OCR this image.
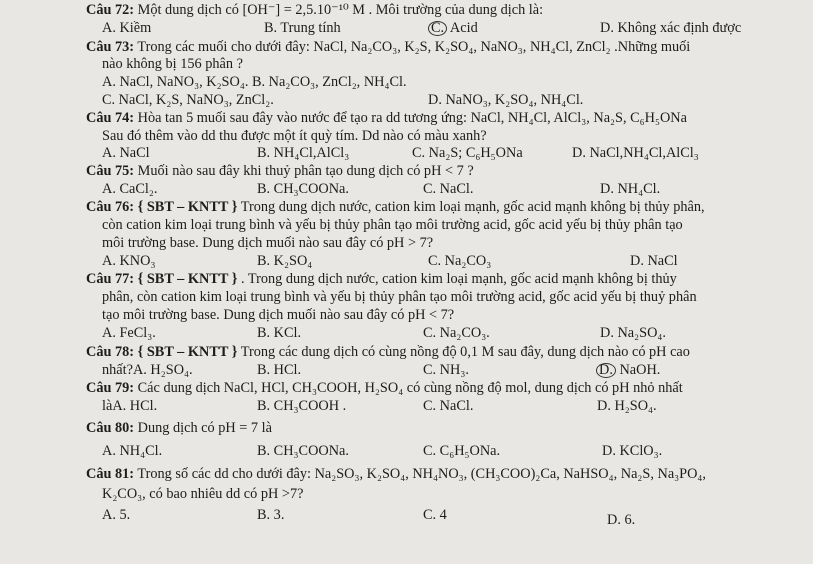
Câu 72: Một dung dịch có [OH⁻] = 2,5.10⁻¹⁰ M . Môi trường của dung dịch là:
A. Kiềm	B. Trung tính	C. Acid	D. Không xác định được
Câu 73: Trong các muối cho dưới đây: NaCl, Na₂CO₃, K₂S, K₂SO₄, NaNO₃, NH₄Cl, ZnCl₂ .Những muối
nào không bị 156 phân ?
A. NaCl, NaNO₃, K₂SO₄. B. Na₂CO₃, ZnCl₂, NH₄Cl.
C. NaCl, K₂S, NaNO₃, ZnCl₂.	D. NaNO₃, K₂SO₄, NH₄Cl.
Câu 74: Hòa tan 5 muối sau đây vào nước để tạo ra dd tương ứng: NaCl, NH₄Cl, AlCl₃, Na₂S, C₆H₅ONa
Sau đó thêm vào dd thu được một ít quỳ tím. Dd nào có màu xanh?
A. NaCl	B. NH₄Cl,AlCl₃	C. Na₂S; C₆H₅ONa	D. NaCl,NH₄Cl,AlCl₃
Câu 75: Muối nào sau đây khi thuỷ phân tạo dung dịch có pH < 7 ?
A. CaCl₂.	B. CH₃COONa.	C. NaCl.	D. NH₄Cl.
Câu 76: { SBT – KNTT } Trong dung dịch nước, cation kim loại mạnh, gốc acid mạnh không bị thủy phân,
còn cation kim loại trung bình và yếu bị thủy phân tạo môi trường acid, gốc acid yếu bị thủy phân tạo
môi trường base. Dung dịch muối nào sau đây có pH > 7?
A. KNO₃	B. K₂SO₄	C. Na₂CO₃	D. NaCl
Câu 77: { SBT – KNTT } . Trong dung dịch nước, cation kim loại mạnh, gốc acid mạnh không bị thủy
phân, còn cation kim loại trung bình và yếu bị thủy phân tạo môi trường acid, gốc acid yếu bị thuỷ phân
tạo môi trường base. Dung dịch muối nào sau đây có pH < 7?
A. FeCl₃.	B. KCl.	C. Na₂CO₃.	D. Na₂SO₄.
Câu 78: { SBT – KNTT } Trong các dung dịch có cùng nồng độ 0,1 M sau đây, dung dịch nào có pH cao
nhất?A. H₂SO₄.	B. HCl.	C. NH₃.	D. NaOH.
Câu 79: Các dung dịch NaCl, HCl, CH₃COOH, H₂SO₄ có cùng nồng độ mol, dung dịch có pH nhỏ nhất
làA. HCl.	B. CH₃COOH .	C. NaCl.	D. H₂SO₄.
Câu 80: Dung dịch có pH = 7 là
A. NH₄Cl.	B. CH₃COONa.	C. C₆H₅ONa.	D. KClO₃.
Câu 81: Trong số các dd cho dưới đây: Na₂SO₃, K₂SO₄, NH₄NO₃, (CH₃COO)₂Ca, NaHSO₄, Na₂S, Na₃PO₄,
K₂CO₃, có bao nhiêu dd có pH >7?
A. 5.	B. 3.	C. 4	D. 6.
